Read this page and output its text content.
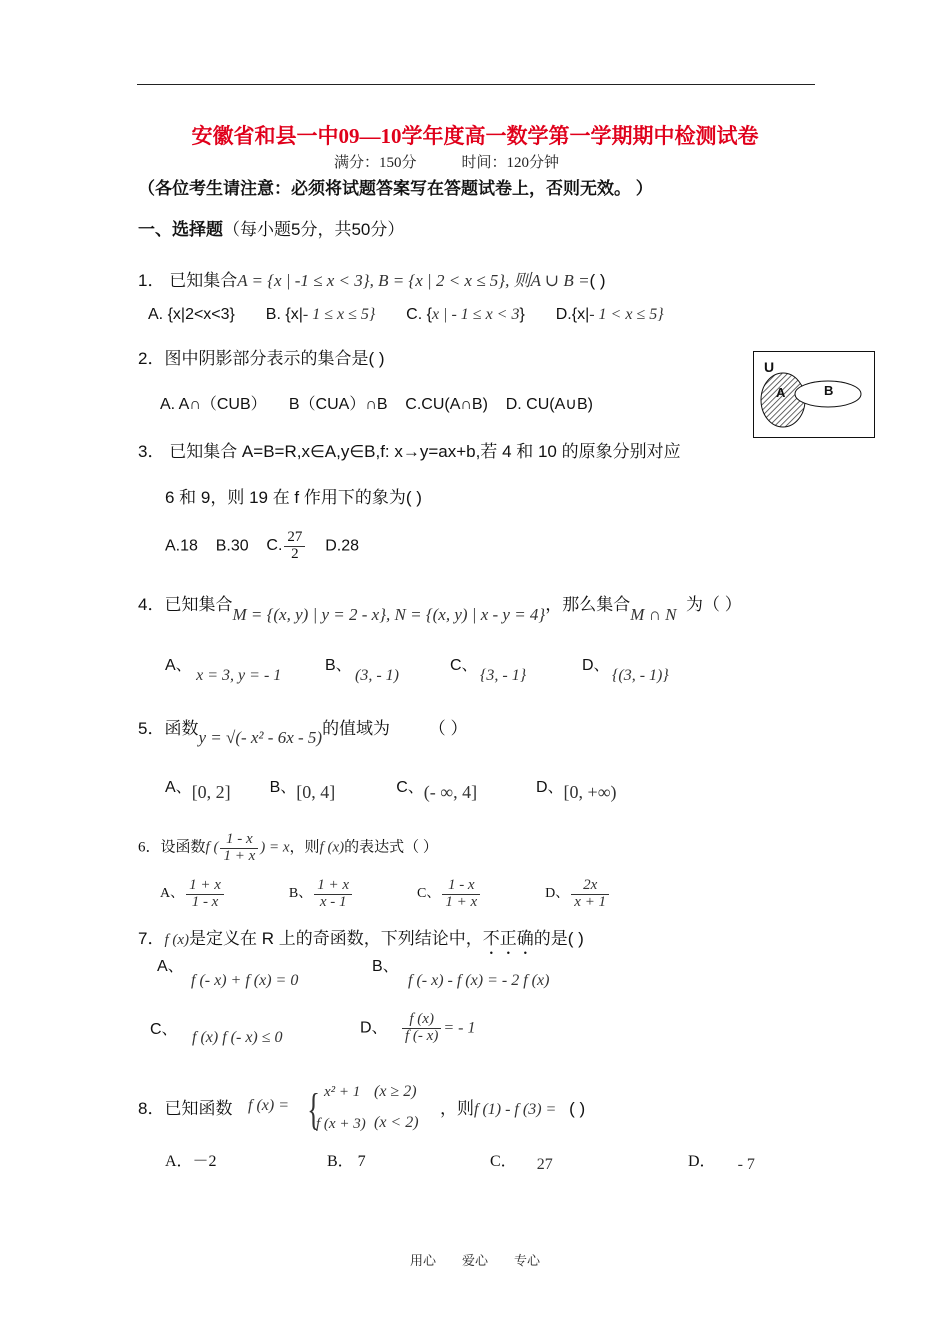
安徽省和县一中09—10学年度高一数学第一学期期中检测试卷
满分：150分　　　时间：120分钟
（各位考生请注意：必须将试题答案写在答题试卷上，否则无效。 ）
一、选择题（每小题5分，共50分）
1． 已知集合A = {x | -1 ≤ x < 3}, B = {x | 2 < x ≤ 5}, 则A ∪ B =( )
A. {x|2<x<3} B. {x|- 1 ≤ x ≤ 5} C. {x | - 1 ≤ x < 3} D.{x|- 1 < x ≤ 5}
2．图中阴影部分表示的集合是( )
A. A∩（CUB） B（CUA）∩B C.CU(A∩B) D. CU(A∪B)
U
A	B
3． 已知集合 A=B=R,x∈A,y∈B,f: x→y=ax+b,若 4 和 10 的原象分别对应
6 和 9，则 19 在 f 作用下的象为( )
A.18 B.30 C. $\frac{27}{2} D.28$
4．已知集合M = {(x, y) | y = 2 - x}, N = {(x, y) | x - y = 4}，那么集合M ∩ N  为（ ）
A、 x = 3, y = - 1
B、
(3, - 1)
C、
{3, - 1}
D、
{(3, - 1)}
5．函数y = √(- x² - 6x - 5)的值域为 （ ）
A、[0, 2] B、[0, 4]	C、(- ∞, 4]	D、[0, +∞)
6．设函数f ( $\frac{1 - x}{1 + x}$ ) = x，则f (x)的表达式（ ）
A、 $\frac{1 + x}{1 - x}$	B、 $\frac{1 + x}{x - 1}$	C、 $\frac{1 - x}{1 + x}$	D、 $\frac{2x}{x + 1}$
7．f (x)是定义在 R 上的奇函数，下列结论中，不正确的是( )
A、
f (- x) + f (x) = 0
B、
f (- x) - f (x) = - 2 f (x)
C、 f (x) f (- x) ≤ 0
D、 $\frac{f (x)}{f (- x)}$ = - 1
8．已知函数 f (x) = { x² + 1 (x ≥ 2)
f (x + 3) (x < 2)
，则f (1) - f (3) = ( )
A．－2	B． 7	C． 27	D． - 7
用心　　爱心　　专心
